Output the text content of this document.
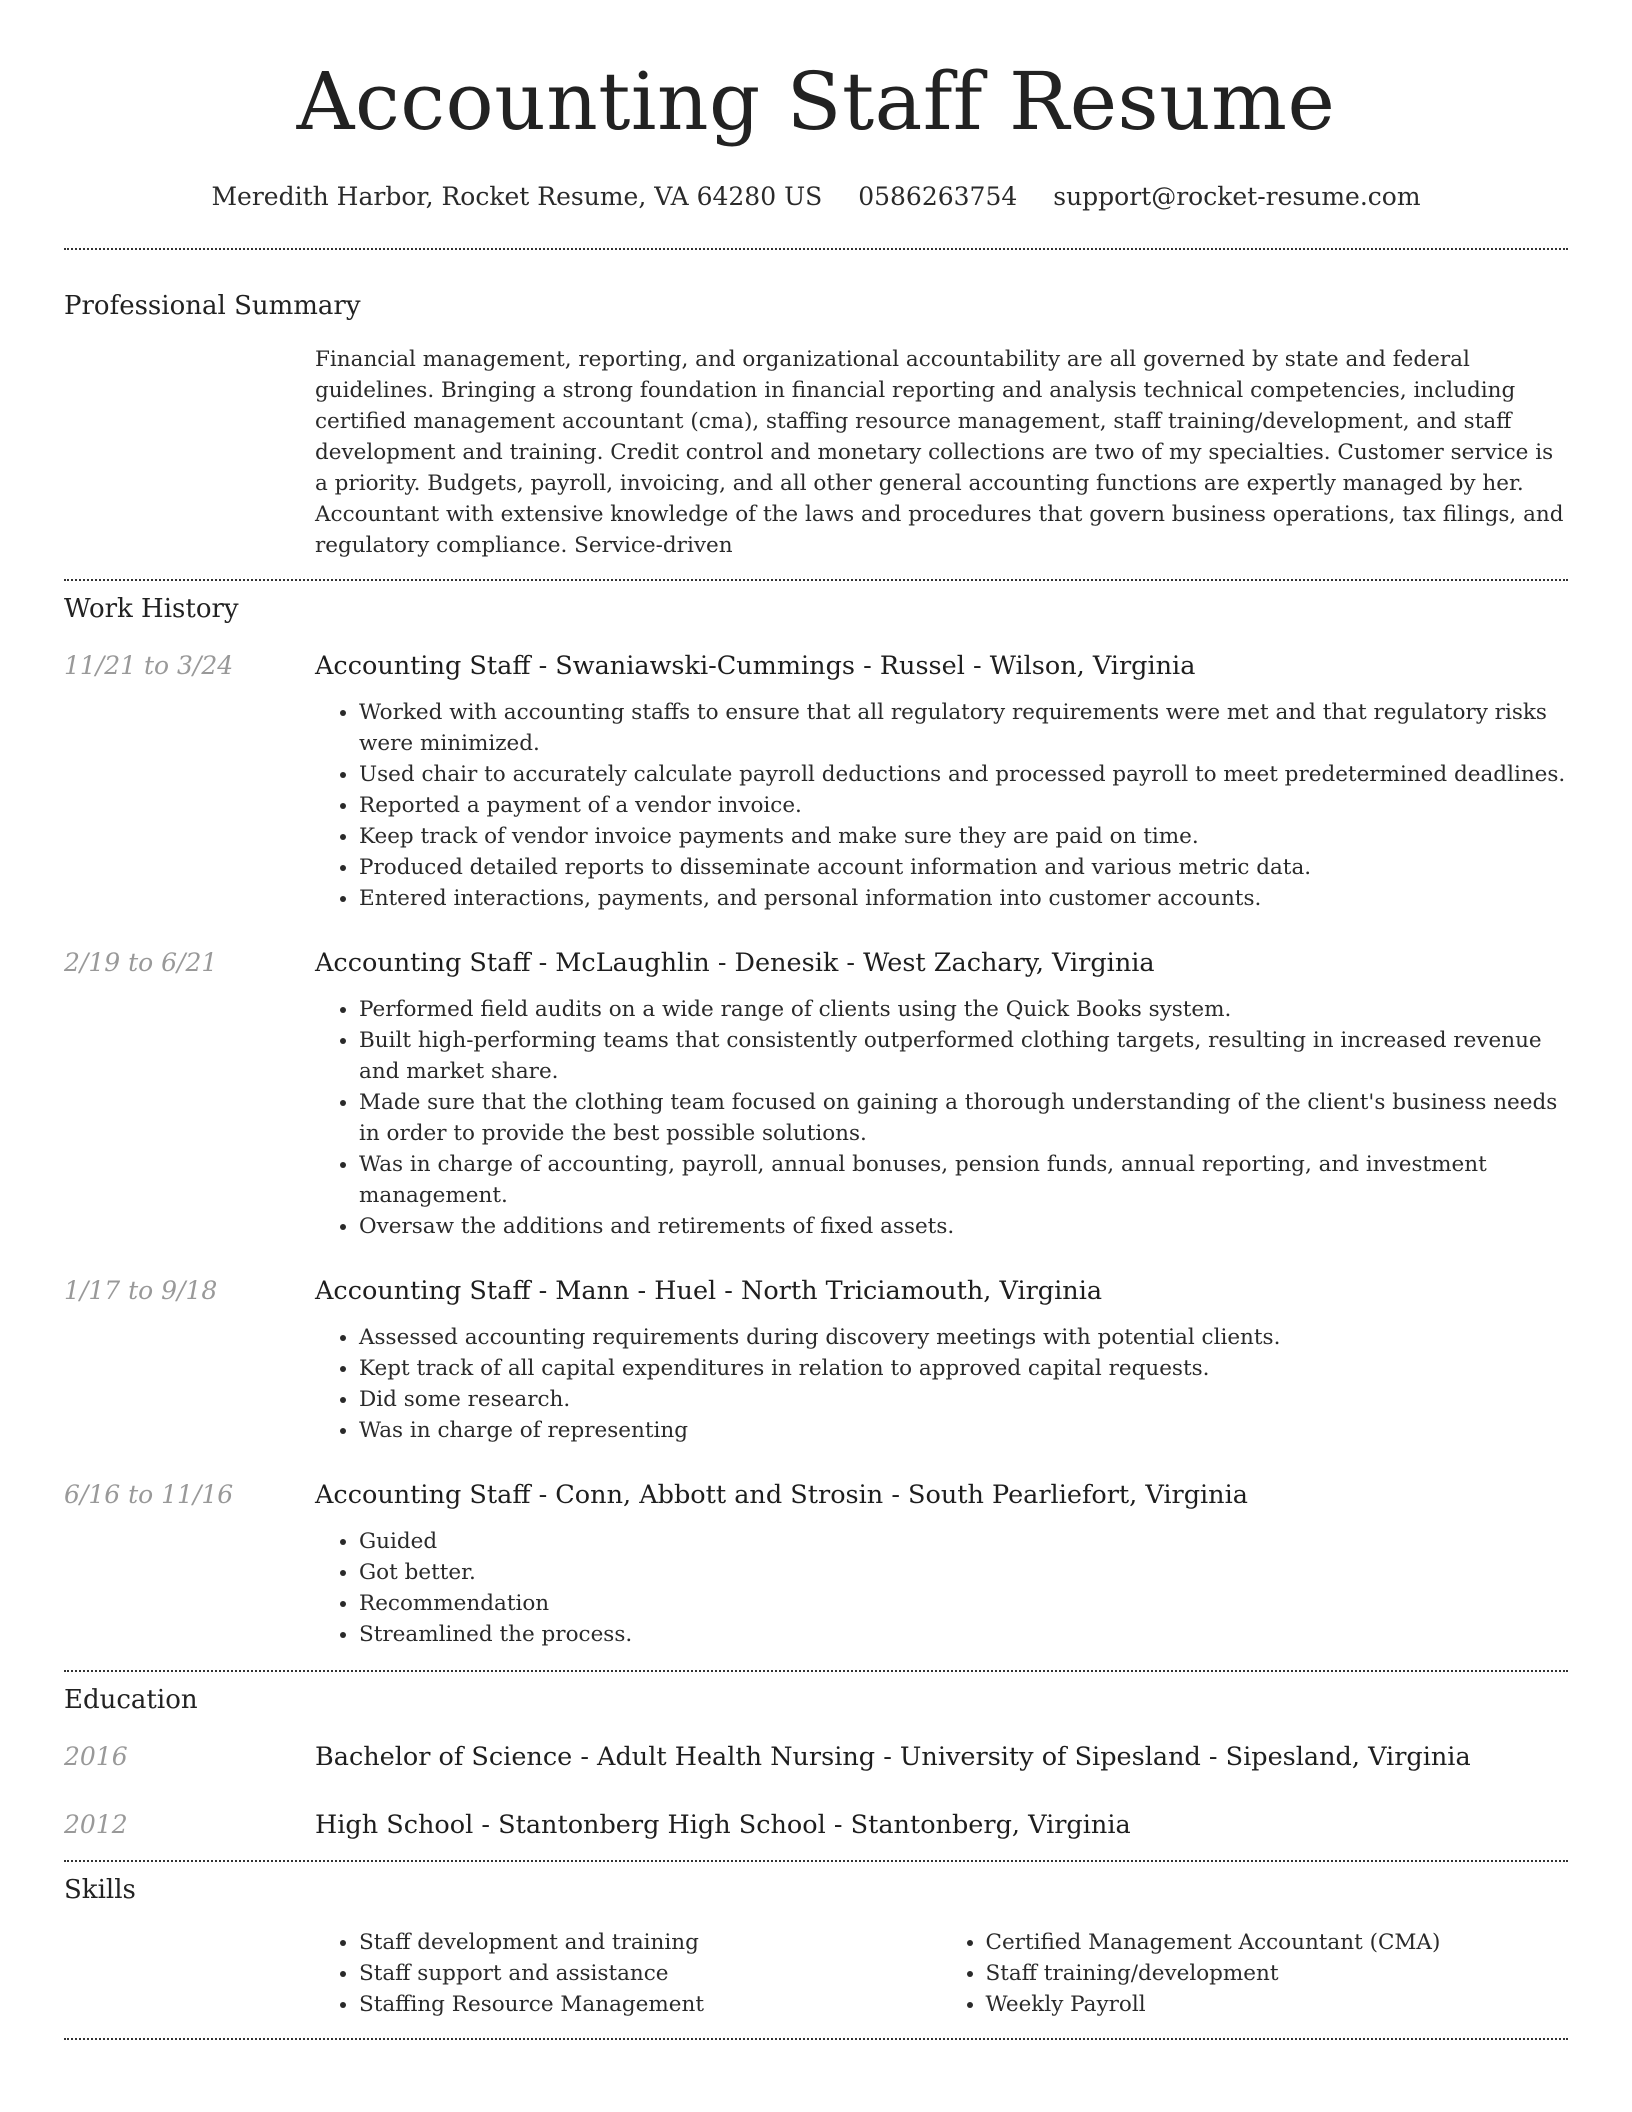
Accounting Staff Resume
Meredith Harbor, Rocket Resume, VA 64280 US 0586263754 support@rocket-resume.com
Professional Summary

Financial management, reporting, and organizational accountability are all governed by state and federal guidelines. Bringing a strong foundation in financial reporting and analysis technical competencies, including certified management accountant (cma), staffing resource management, staff training/development, and staff development and training. Credit control and monetary collections are two of my specialties. Customer service is a priority. Budgets, payroll, invoicing, and all other general accounting functions are expertly managed by her. Accountant with extensive knowledge of the laws and procedures that govern business operations, tax filings, and regulatory compliance. Service-driven

Work History
11/21 to 3/24	Accounting Staff - Swaniawski-Cummings - Russel - Wilson, Virginia
• Worked with accounting staffs to ensure that all regulatory requirements were met and that regulatory risks were minimized.
• Used chair to accurately calculate payroll deductions and processed payroll to meet predetermined deadlines.
• Reported a payment of a vendor invoice.
• Keep track of vendor invoice payments and make sure they are paid on time.
• Produced detailed reports to disseminate account information and various metric data.
• Entered interactions, payments, and personal information into customer accounts.
2/19 to 6/21	Accounting Staff - McLaughlin - Denesik - West Zachary, Virginia
• Performed field audits on a wide range of clients using the Quick Books system.
• Built high-performing teams that consistently outperformed clothing targets, resulting in increased revenue and market share.
• Made sure that the clothing team focused on gaining a thorough understanding of the client's business needs in order to provide the best possible solutions.
• Was in charge of accounting, payroll, annual bonuses, pension funds, annual reporting, and investment management.
• Oversaw the additions and retirements of fixed assets.
1/17 to 9/18	Accounting Staff - Mann - Huel - North Triciamouth, Virginia
• Assessed accounting requirements during discovery meetings with potential clients.
• Kept track of all capital expenditures in relation to approved capital requests.
• Did some research.
• Was in charge of representing
6/16 to 11/16	Accounting Staff - Conn, Abbott and Strosin - South Pearliefort, Virginia
• Guided
• Got better.
• Recommendation
• Streamlined the process.
Education
2016	Bachelor of Science - Adult Health Nursing - University of Sipesland - Sipesland, Virginia
2012	High School - Stantonberg High School - Stantonberg, Virginia
Skills
• Staff development and training
• Staff support and assistance
• Staffing Resource Management
• Certified Management Accountant (CMA)
• Staff training/development
• Weekly Payroll
